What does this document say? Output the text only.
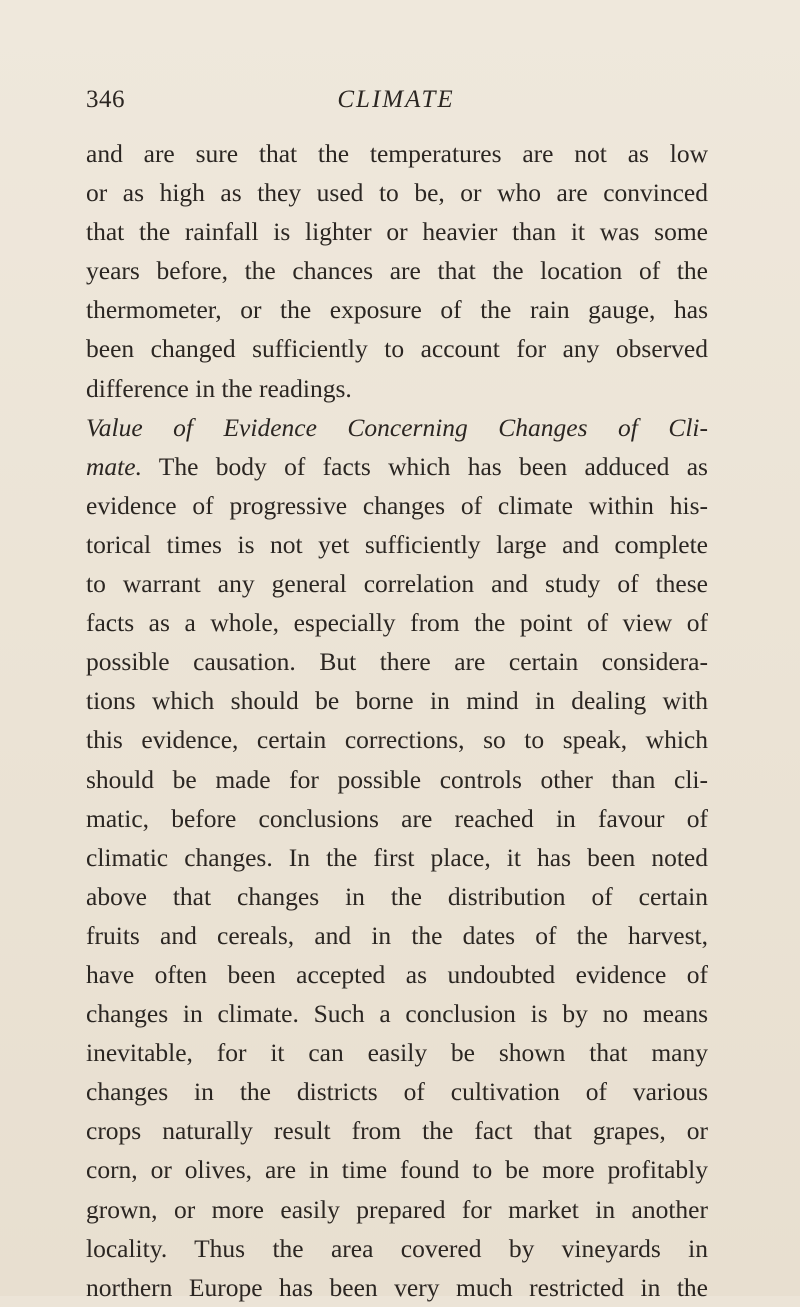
346	CLIMATE
and are sure that the temperatures are not as low
or as high as they used to be, or who are convinced
that the rainfall is lighter or heavier than it was some
years before, the chances are that the location of the
thermometer, or the exposure of the rain gauge, has
been changed sufficiently to account for any observed
difference in the readings.
Value of Evidence Concerning Changes of Cli-
mate. The body of facts which has been adduced as
evidence of progressive changes of climate within his-
torical times is not yet sufficiently large and complete
to warrant any general correlation and study of these
facts as a whole, especially from the point of view of
possible causation. But there are certain considera-
tions which should be borne in mind in dealing with
this evidence, certain corrections, so to speak, which
should be made for possible controls other than cli-
matic, before conclusions are reached in favour of
climatic changes. In the first place, it has been noted
above that changes in the distribution of certain
fruits and cereals, and in the dates of the harvest,
have often been accepted as undoubted evidence of
changes in climate. Such a conclusion is by no means
inevitable, for it can easily be shown that many
changes in the districts of cultivation of various
crops naturally result from the fact that grapes, or
corn, or olives, are in time found to be more profitably
grown, or more easily prepared for market in another
locality. Thus the area covered by vineyards in
northern Europe has been very much restricted in the
